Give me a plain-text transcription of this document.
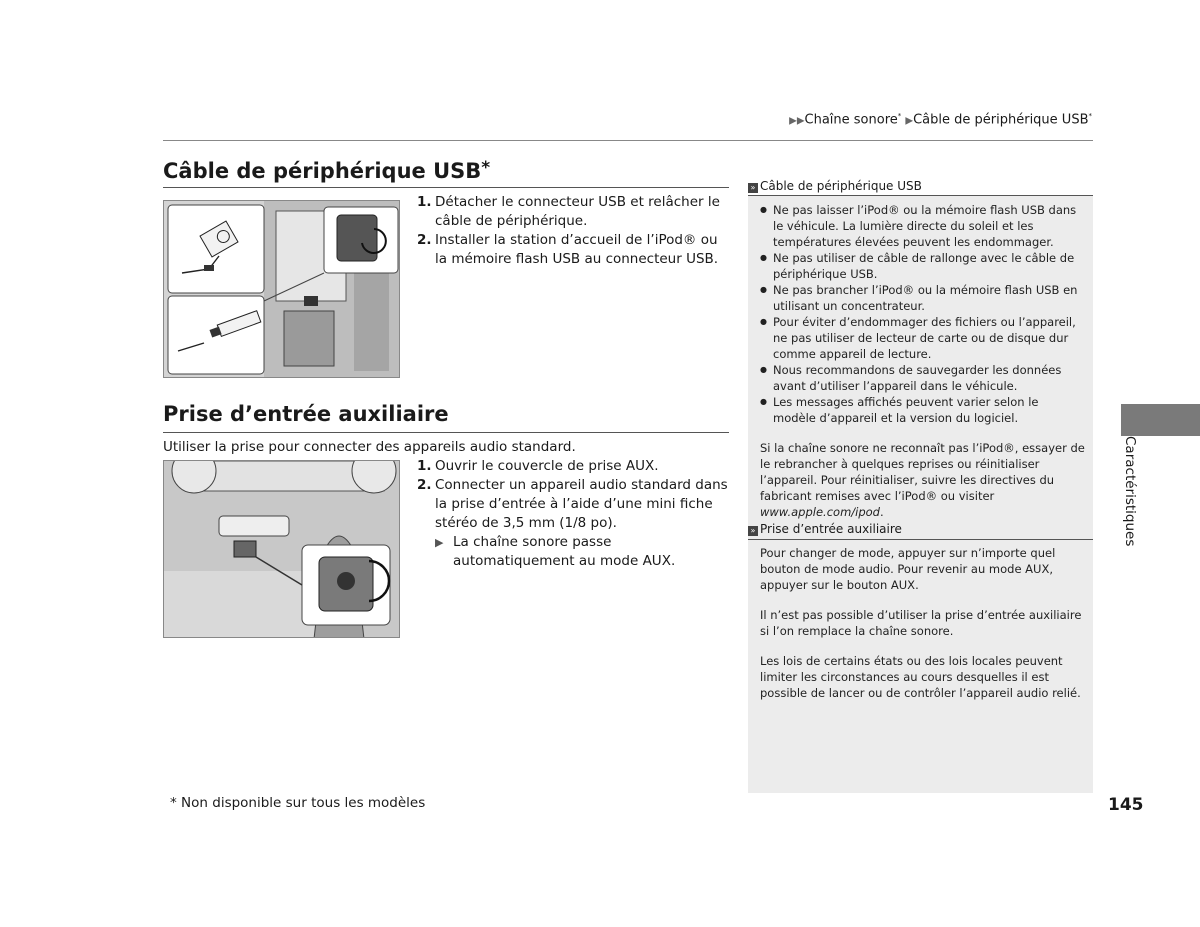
▶▶Chaîne sonore* ▶Câble de périphérique USB*
Câble de périphérique USB*
1. Détacher le connecteur USB et relâcher le câble de périphérique.
2. Installer la station d’accueil de l’iPod® ou la mémoire flash USB au connecteur USB.
Prise d’entrée auxiliaire
Utiliser la prise pour connecter des appareils audio standard.
1. Ouvrir le couvercle de prise AUX.
2. Connecter un appareil audio standard dans la prise d’entrée à l’aide d’une mini fiche stéréo de 3,5 mm (1/8 po).
▶ La chaîne sonore passe automatiquement au mode AUX.
» Câble de périphérique USB
● Ne pas laisser l’iPod® ou la mémoire flash USB dans le véhicule. La lumière directe du soleil et les températures élevées peuvent les endommager.
● Ne pas utiliser de câble de rallonge avec le câble de périphérique USB.
● Ne pas brancher l’iPod® ou la mémoire flash USB en utilisant un concentrateur.
● Pour éviter d’endommager des fichiers ou l’appareil, ne pas utiliser de lecteur de carte ou de disque dur comme appareil de lecture.
● Nous recommandons de sauvegarder les données avant d’utiliser l’appareil dans le véhicule.
● Les messages affichés peuvent varier selon le modèle d’appareil et la version du logiciel.

Si la chaîne sonore ne reconnaît pas l’iPod®, essayer de le rebrancher à quelques reprises ou réinitialiser l’appareil. Pour réinitialiser, suivre les directives du fabricant remises avec l’iPod® ou visiter www.apple.com/ipod.

» Prise d’entrée auxiliaire

Pour changer de mode, appuyer sur n’importe quel bouton de mode audio. Pour revenir au mode AUX, appuyer sur le bouton AUX.

Il n’est pas possible d’utiliser la prise d’entrée auxiliaire si l’on remplace la chaîne sonore.

Les lois de certains états ou des lois locales peuvent limiter les circonstances au cours desquelles il est possible de lancer ou de contrôler l’appareil audio relié.

Caractéristiques
* Non disponible sur tous les modèles	145
